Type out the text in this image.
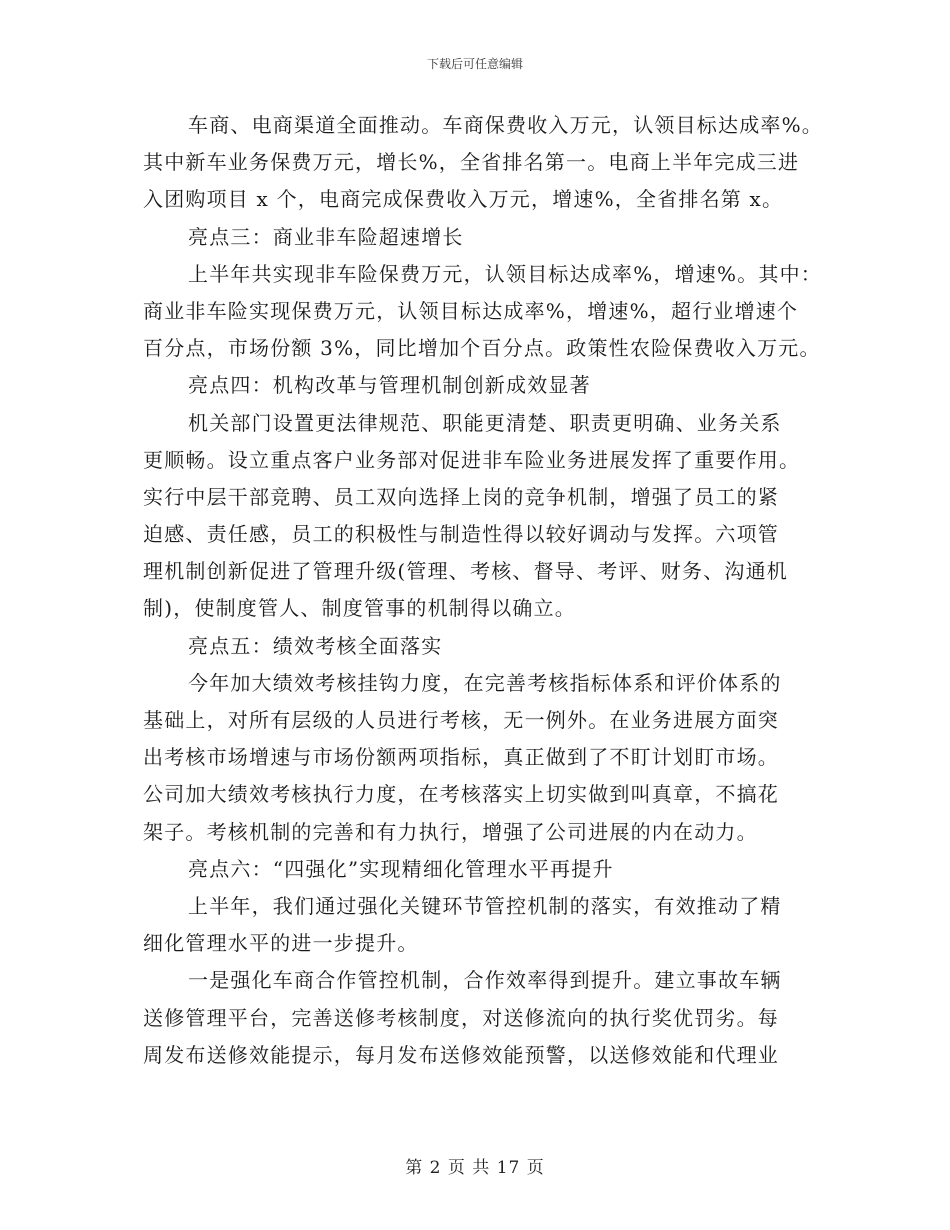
下载后可任意编辑
车商、电商渠道全面推动。车商保费收入万元，认领目标达成率%。
其中新车业务保费万元，增长%，全省排名第一。电商上半年完成三进
入团购项目 x 个，电商完成保费收入万元，增速%，全省排名第 x。
亮点三：商业非车险超速增长
上半年共实现非车险保费万元，认领目标达成率%，增速%。其中：
商业非车险实现保费万元，认领目标达成率%，增速%，超行业增速个
百分点，市场份额 3%，同比增加个百分点。政策性农险保费收入万元。
亮点四：机构改革与管理机制创新成效显著
机关部门设置更法律规范、职能更清楚、职责更明确、业务关系
更顺畅。设立重点客户业务部对促进非车险业务进展发挥了重要作用。
实行中层干部竞聘、员工双向选择上岗的竞争机制，增强了员工的紧
迫感、责任感，员工的积极性与制造性得以较好调动与发挥。六项管
理机制创新促进了管理升级(管理、考核、督导、考评、财务、沟通机
制)，使制度管人、制度管事的机制得以确立。
亮点五：绩效考核全面落实
今年加大绩效考核挂钩力度，在完善考核指标体系和评价体系的
基础上，对所有层级的人员进行考核，无一例外。在业务进展方面突
出考核市场增速与市场份额两项指标，真正做到了不盯计划盯市场。
公司加大绩效考核执行力度，在考核落实上切实做到叫真章，不搞花
架子。考核机制的完善和有力执行，增强了公司进展的内在动力。
亮点六：“四强化”实现精细化管理水平再提升
上半年，我们通过强化关键环节管控机制的落实，有效推动了精
细化管理水平的进一步提升。
一是强化车商合作管控机制，合作效率得到提升。建立事故车辆
送修管理平台，完善送修考核制度，对送修流向的执行奖优罚劣。每
周发布送修效能提示，每月发布送修效能预警，以送修效能和代理业
第 2 页 共 17 页
